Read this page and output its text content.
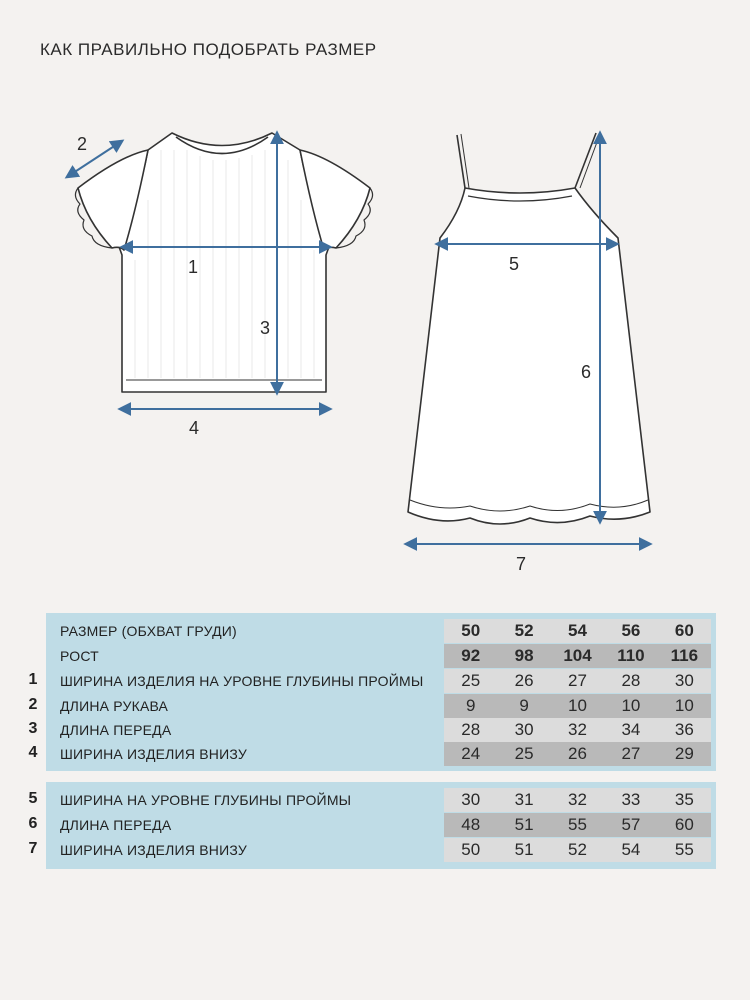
КАК ПРАВИЛЬНО ПОДОБРАТЬ РАЗМЕР
1
2
3
4
5
6
7
РАЗМЕР (ОБХВАТ ГРУДИ)	50	52	54	56	60
РОСТ	92	98	104	110	116
1 ШИРИНА ИЗДЕЛИЯ НА УРОВНЕ ГЛУБИНЫ ПРОЙМЫ	25	26	27	28	30
2 ДЛИНА РУКАВА	9	9	10	10	10
3 ДЛИНА ПЕРЕДА	28	30	32	34	36
4 ШИРИНА ИЗДЕЛИЯ ВНИЗУ	24	25	26	27	29
5 ШИРИНА НА УРОВНЕ ГЛУБИНЫ ПРОЙМЫ	30	31	32	33	35
6 ДЛИНА ПЕРЕДА	48	51	55	57	60
7 ШИРИНА ИЗДЕЛИЯ ВНИЗУ	50	51	52	54	55
